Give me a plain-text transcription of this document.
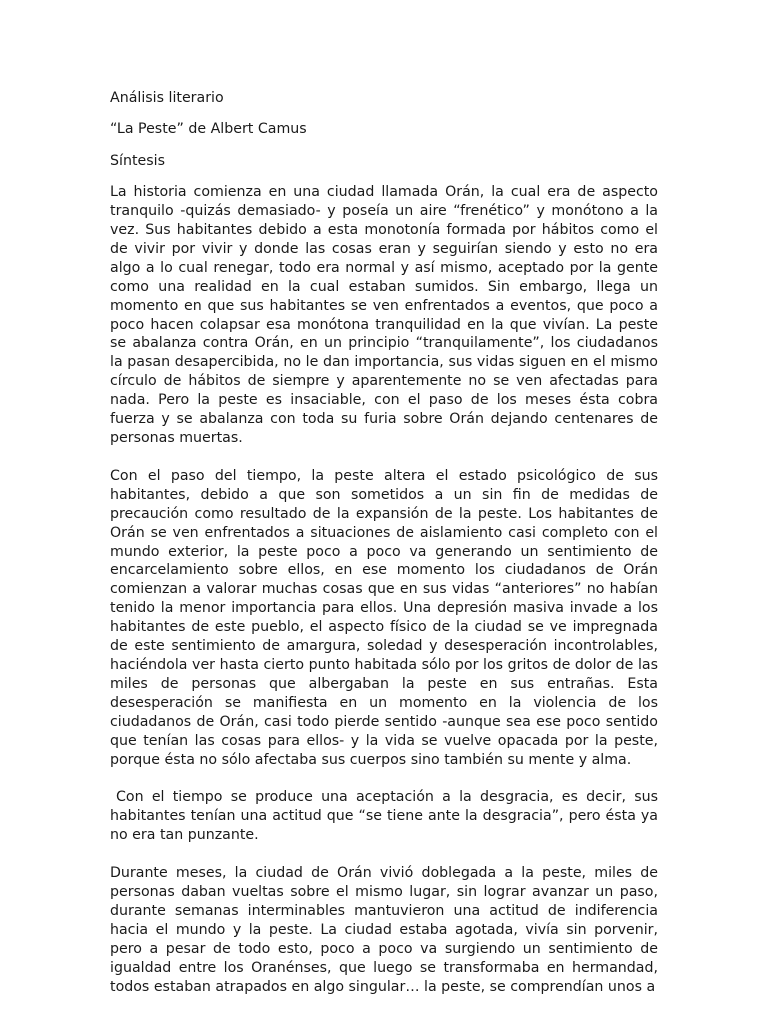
Análisis literario

“La Peste” de Albert Camus

Síntesis

La historia comienza en una ciudad llamada Orán, la cual era de aspecto tranquilo -quizás demasiado- y poseía un aire “frenético” y monótono a la vez. Sus habitantes debido a esta monotonía formada por hábitos como el de vivir por vivir y donde las cosas eran y seguirían siendo y esto no era algo a lo cual renegar, todo era normal y así mismo, aceptado por la gente como una realidad en la cual estaban sumidos. Sin embargo, llega un momento en que sus habitantes se ven enfrentados a eventos, que poco a poco hacen colapsar esa monótona tranquilidad en la que vivían. La peste se abalanza contra Orán, en un principio “tranquilamente”, los ciudadanos la pasan desapercibida, no le dan importancia, sus vidas siguen en el mismo círculo de hábitos de siempre y aparentemente no se ven afectadas para nada. Pero la peste es insaciable, con el paso de los meses ésta cobra fuerza y se abalanza con toda su furia sobre Orán dejando centenares de personas muertas.

Con el paso del tiempo, la peste altera el estado psicológico de sus habitantes, debido a que son sometidos a un sin fin de medidas de precaución como resultado de la expansión de la peste. Los habitantes de Orán se ven enfrentados a situaciones de aislamiento casi completo con el mundo exterior, la peste poco a poco va generando un sentimiento de encarcelamiento sobre ellos, en ese momento los ciudadanos de Orán comienzan a valorar muchas cosas que en sus vidas “anteriores” no habían tenido la menor importancia para ellos. Una depresión masiva invade a los habitantes de este pueblo, el aspecto físico de la ciudad se ve impregnada de este sentimiento de amargura, soledad y desesperación incontrolables, haciéndola ver hasta cierto punto habitada sólo por los gritos de dolor de las miles de personas que albergaban la peste en sus entrañas. Esta desesperación se manifiesta en un momento en la violencia de los ciudadanos de Orán, casi todo pierde sentido -aunque sea ese poco sentido que tenían las cosas para ellos- y la vida se vuelve opacada por la peste, porque ésta no sólo afectaba sus cuerpos sino también su mente y alma.

Con el tiempo se produce una aceptación a la desgracia, es decir, sus habitantes tenían una actitud que “se tiene ante la desgracia”, pero ésta ya no era tan punzante.

Durante meses, la ciudad de Orán vivió doblegada a la peste, miles de personas daban vueltas sobre el mismo lugar, sin lograr avanzar un paso, durante semanas interminables mantuvieron una actitud de indiferencia hacia el mundo y la peste. La ciudad estaba agotada, vivía sin porvenir, pero a pesar de todo esto, poco a poco va surgiendo un sentimiento de igualdad entre los Oranénses, que luego se transformaba en hermandad, todos estaban atrapados en algo singular… la peste, se comprendían unos a
